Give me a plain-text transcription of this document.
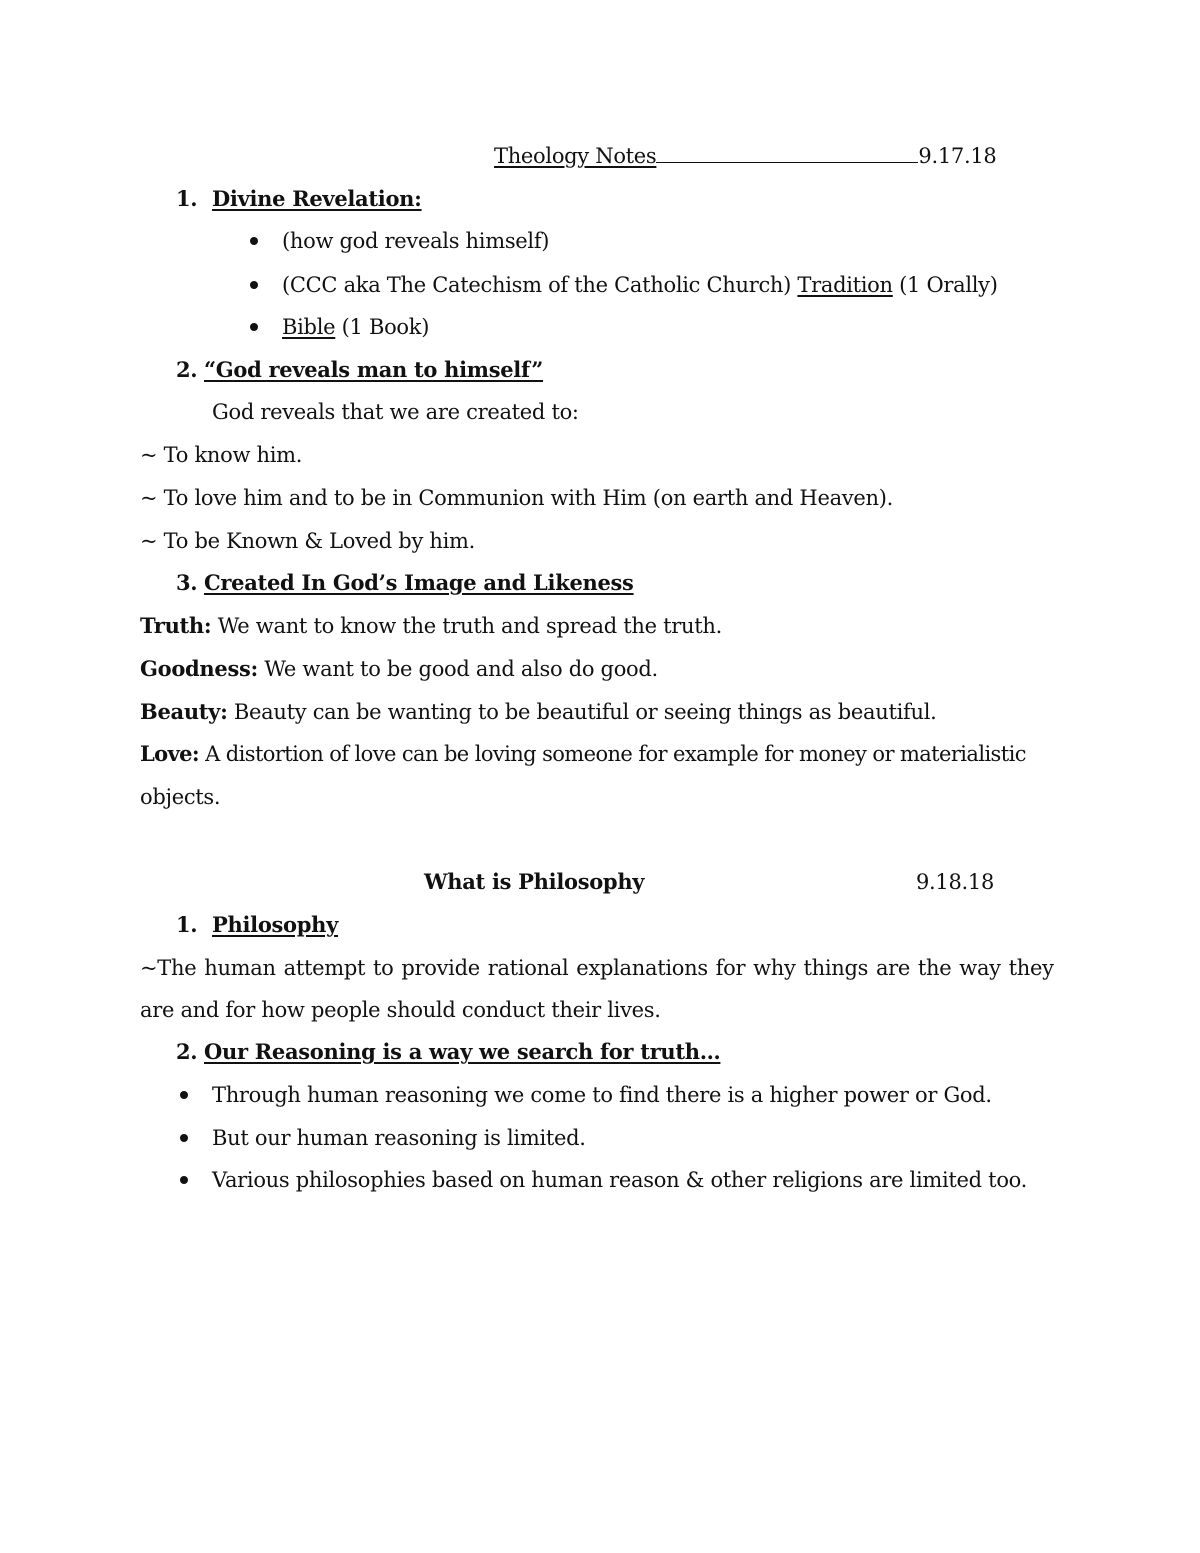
Theology Notes	9.17.18
1. Divine Revelation:
(how god reveals himself)
(CCC aka The Catechism of the Catholic Church) Tradition (1 Orally)
Bible (1 Book)
2. “God reveals man to himself”
God reveals that we are created to:
~ To know him.
~ To love him and to be in Communion with Him (on earth and Heaven).
~ To be Known & Loved by him.
3. Created In God’s Image and Likeness
Truth: We want to know the truth and spread the truth.
Goodness: We want to be good and also do good.
Beauty: Beauty can be wanting to be beautiful or seeing things as beautiful.
Love: A distortion of love can be loving someone for example for money or materialistic
objects.
What is Philosophy	9.18.18
1. Philosophy
~The human attempt to provide rational explanations for why things are the way they
are and for how people should conduct their lives.
2. Our Reasoning is a way we search for truth…
Through human reasoning we come to find there is a higher power or God.
But our human reasoning is limited.
Various philosophies based on human reason & other religions are limited too.
